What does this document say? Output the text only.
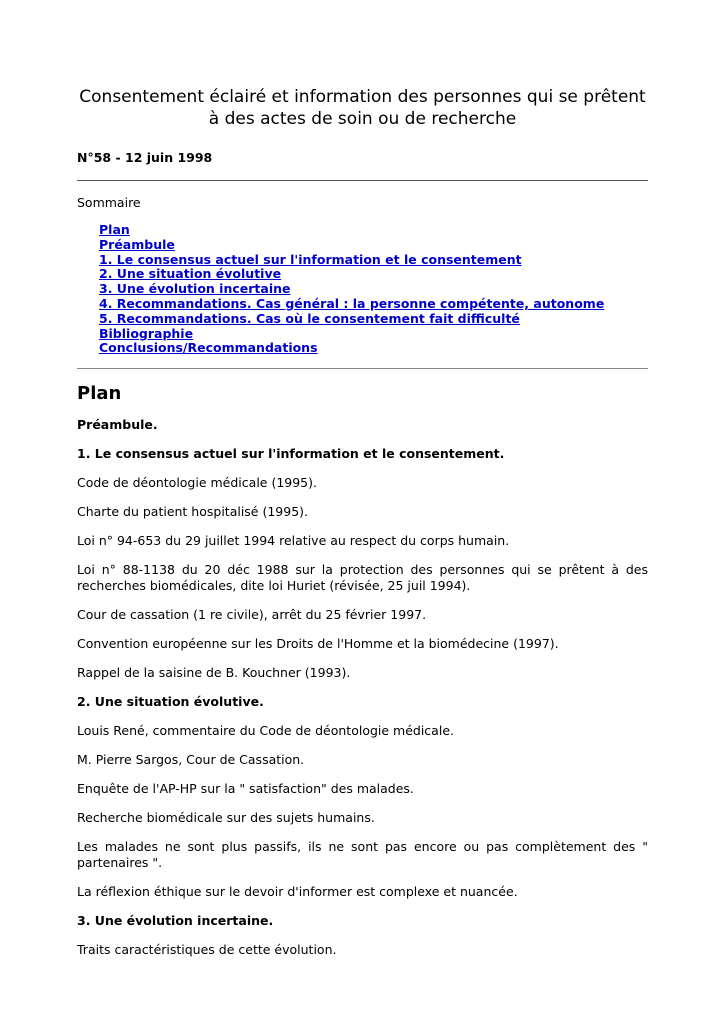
Consentement éclairé et information des personnes qui se prêtent
à des actes de soin ou de recherche

N°58 - 12 juin 1998

Sommaire

Plan
Préambule
1. Le consensus actuel sur l'information et le consentement
2. Une situation évolutive
3. Une évolution incertaine
4. Recommandations. Cas général : la personne compétente, autonome
5. Recommandations. Cas où le consentement fait difficulté
Bibliographie
Conclusions/Recommandations
Plan

Préambule.

1. Le consensus actuel sur l'information et le consentement.

Code de déontologie médicale (1995).

Charte du patient hospitalisé (1995).

Loi n° 94-653 du 29 juillet 1994 relative au respect du corps humain.

Loi n° 88-1138 du 20 déc 1988 sur la protection des personnes qui se prêtent à des recherches biomédicales, dite loi Huriet (révisée, 25 juil 1994).

Cour de cassation (1 re civile), arrêt du 25 février 1997.

Convention européenne sur les Droits de l'Homme et la biomédecine (1997).

Rappel de la saisine de B. Kouchner (1993).

2. Une situation évolutive.

Louis René, commentaire du Code de déontologie médicale.

M. Pierre Sargos, Cour de Cassation.

Enquête de l'AP-HP sur la " satisfaction" des malades.

Recherche biomédicale sur des sujets humains.

Les malades ne sont plus passifs, ils ne sont pas encore ou pas complètement des " partenaires ".

La réflexion éthique sur le devoir d'informer est complexe et nuancée.

3. Une évolution incertaine.

Traits caractéristiques de cette évolution.
